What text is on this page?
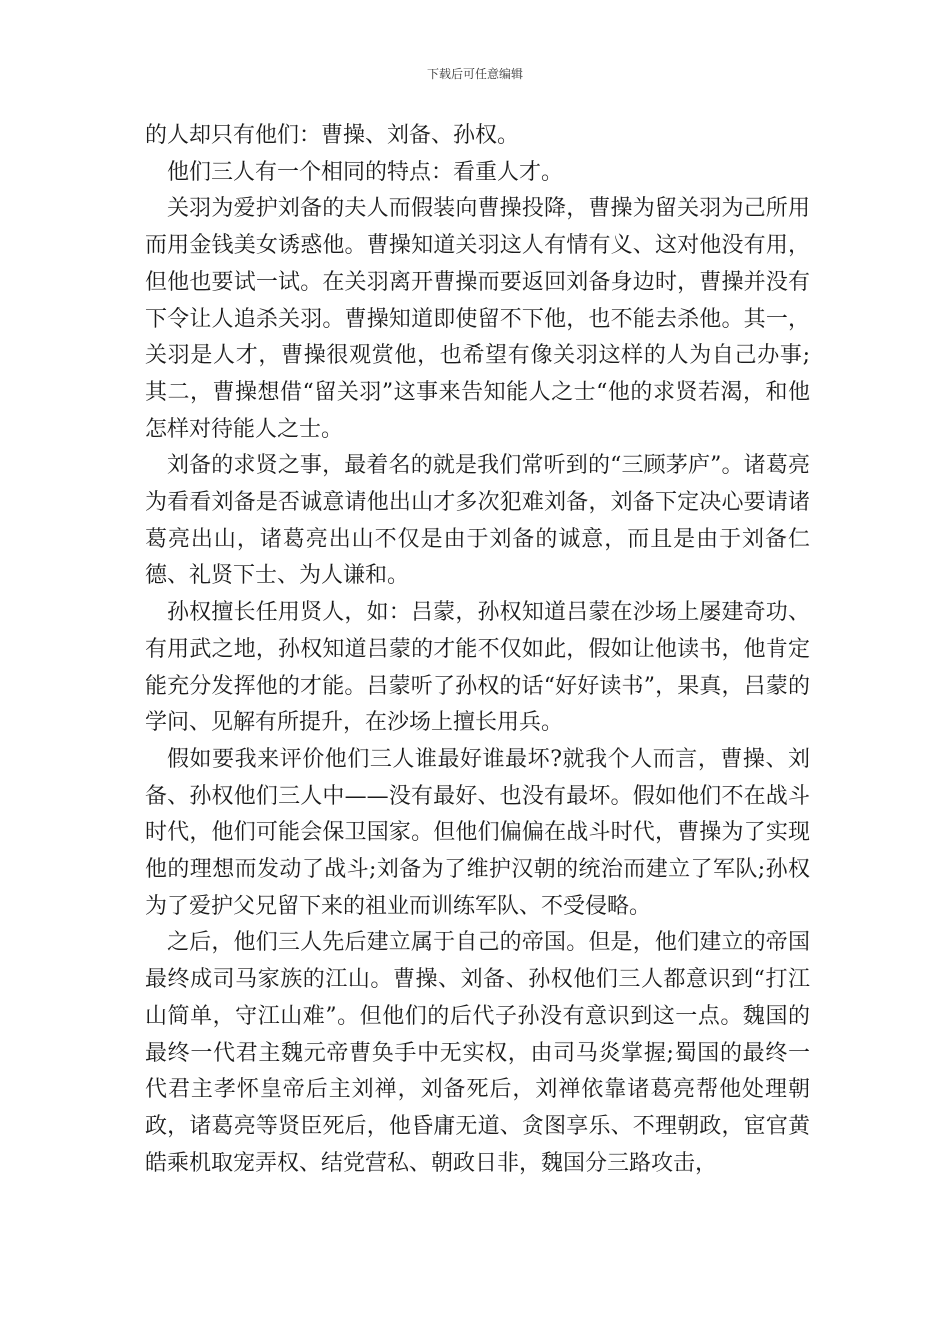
下载后可任意编辑

的人却只有他们：曹操、刘备、孙权。

他们三人有一个相同的特点：看重人才。

关羽为爱护刘备的夫人而假装向曹操投降，曹操为留关羽为己所用而用金钱美女诱惑他。曹操知道关羽这人有情有义、这对他没有用，但他也要试一试。在关羽离开曹操而要返回刘备身边时，曹操并没有下令让人追杀关羽。曹操知道即使留不下他，也不能去杀他。其一，关羽是人才，曹操很观赏他，也希望有像关羽这样的人为自己办事;其二，曹操想借“留关羽”这事来告知能人之士“他的求贤若渴，和他怎样对待能人之士。

刘备的求贤之事，最着名的就是我们常听到的“三顾茅庐”。诸葛亮为看看刘备是否诚意请他出山才多次犯难刘备，刘备下定决心要请诸葛亮出山，诸葛亮出山不仅是由于刘备的诚意，而且是由于刘备仁德、礼贤下士、为人谦和。

孙权擅长任用贤人，如：吕蒙，孙权知道吕蒙在沙场上屡建奇功、有用武之地，孙权知道吕蒙的才能不仅如此，假如让他读书，他肯定能充分发挥他的才能。吕蒙听了孙权的话“好好读书”，果真，吕蒙的学问、见解有所提升，在沙场上擅长用兵。

假如要我来评价他们三人谁最好谁最坏?就我个人而言，曹操、刘备、孙权他们三人中——没有最好、也没有最坏。假如他们不在战斗时代，他们可能会保卫国家。但他们偏偏在战斗时代，曹操为了实现他的理想而发动了战斗;刘备为了维护汉朝的统治而建立了军队;孙权为了爱护父兄留下来的祖业而训练军队、不受侵略。

之后，他们三人先后建立属于自己的帝国。但是，他们建立的帝国最终成司马家族的江山。曹操、刘备、孙权他们三人都意识到“打江山简单，守江山难”。但他们的后代子孙没有意识到这一点。魏国的最终一代君主魏元帝曹奂手中无实权，由司马炎掌握;蜀国的最终一代君主孝怀皇帝后主刘禅，刘备死后，刘禅依靠诸葛亮帮他处理朝政，诸葛亮等贤臣死后，他昏庸无道、贪图享乐、不理朝政，宦官黄皓乘机取宠弄权、结党营私、朝政日非，魏国分三路攻击，
